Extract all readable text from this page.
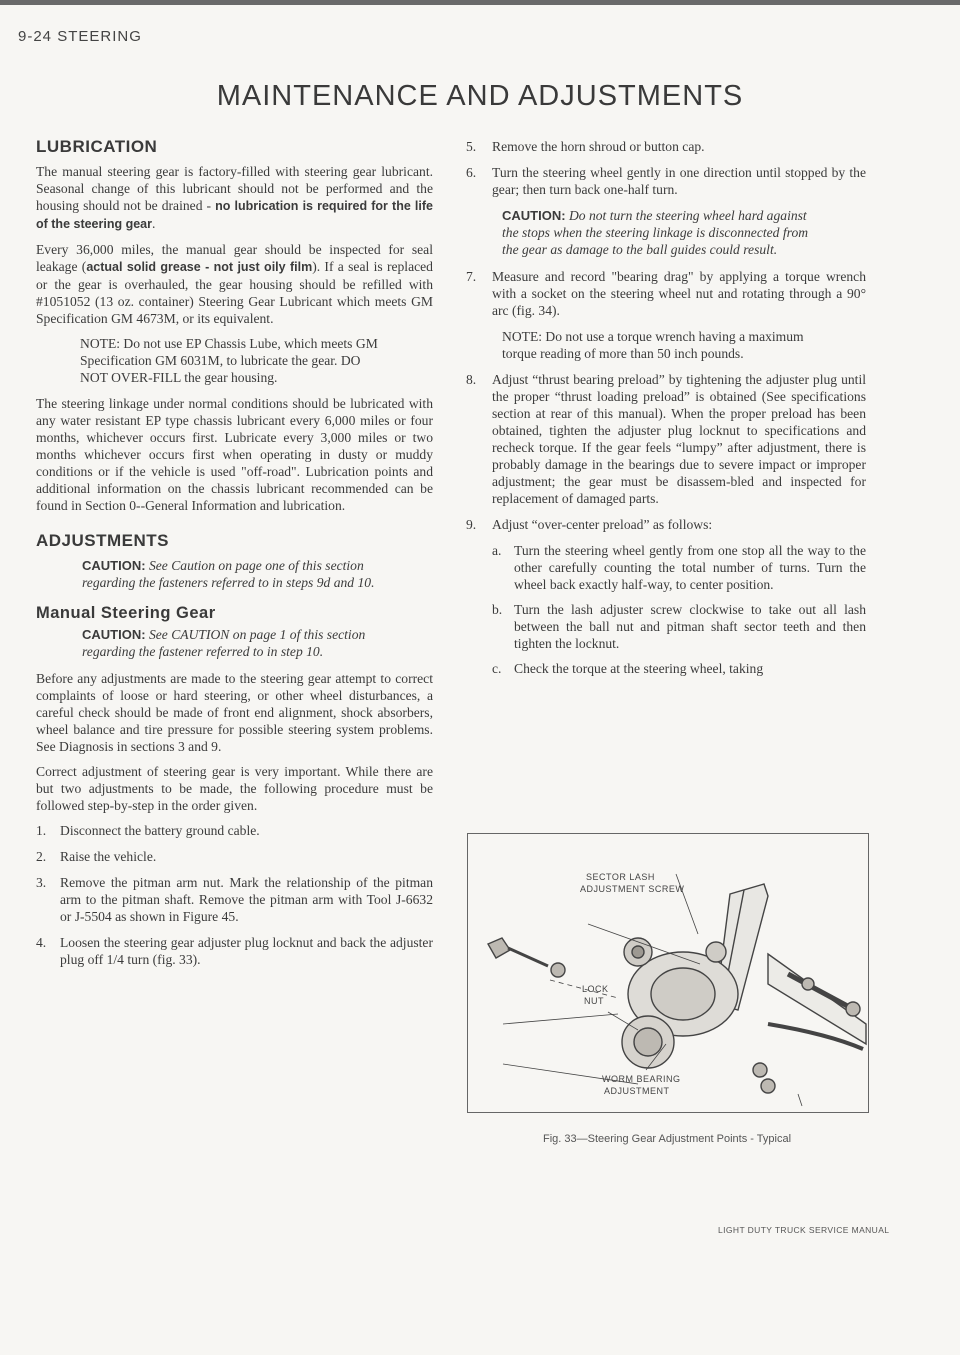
9-24 STEERING
MAINTENANCE AND ADJUSTMENTS
LUBRICATION

The manual steering gear is factory-filled with steering gear lubricant. Seasonal change of this lubricant should not be performed and the housing should not be drained - no lubrication is required for the life of the steering gear.

Every 36,000 miles, the manual gear should be inspected for seal leakage (actual solid grease - not just oily film). If a seal is replaced or the gear is overhauled, the gear housing should be refilled with #1051052 (13 oz. container) Steering Gear Lubricant which meets GM Specification GM 4673M, or its equivalent.

NOTE: Do not use EP Chassis Lube, which meets GM Specification GM 6031M, to lubricate the gear. DO NOT OVER-FILL the gear housing.

The steering linkage under normal conditions should be lubricated with any water resistant EP type chassis lubricant every 6,000 miles or four months, whichever occurs first. Lubricate every 3,000 miles or two months whichever occurs first when operating in dusty or muddy conditions or if the vehicle is used "off-road". Lubrication points and additional information on the chassis lubricant recommended can be found in Section 0--General Information and lubrication.

ADJUSTMENTS

CAUTION: See Caution on page one of this section regarding the fasteners referred to in steps 9d and 10.

Manual Steering Gear

CAUTION: See CAUTION on page 1 of this section regarding the fastener referred to in step 10.

Before any adjustments are made to the steering gear attempt to correct complaints of loose or hard steering, or other wheel disturbances, a careful check should be made of front end alignment, shock absorbers, wheel balance and tire pressure for possible steering system problems. See Diagnosis in sections 3 and 9.

Correct adjustment of steering gear is very important. While there are but two adjustments to be made, the following procedure must be followed step-by-step in the order given.

1.	Disconnect the battery ground cable.
2.	Raise the vehicle.
3.	Remove the pitman arm nut. Mark the relationship of the pitman arm to the pitman shaft. Remove the pitman arm with Tool J-6632 or J-5504 as shown in Figure 45.
4.	Loosen the steering gear adjuster plug locknut and back the adjuster plug off 1/4 turn (fig. 33).
5.	Remove the horn shroud or button cap.
6.	Turn the steering wheel gently in one direction until stopped by the gear; then turn back one-half turn.

CAUTION: Do not turn the steering wheel hard against the stops when the steering linkage is disconnected from the gear as damage to the ball guides could result.

7.	Measure and record "bearing drag" by applying a torque wrench with a socket on the steering wheel nut and rotating through a 90° arc (fig. 34).

NOTE: Do not use a torque wrench having a maximum torque reading of more than 50 inch pounds.

8.	Adjust “thrust bearing preload” by tightening the adjuster plug until the proper “thrust loading preload” is obtained (See specifications section at rear of this manual). When the proper preload has been obtained, tighten the adjuster plug locknut to specifications and recheck torque. If the gear feels “lumpy” after adjustment, there is probably damage in the bearings due to severe impact or improper adjustment; the gear must be disassem-bled and inspected for replacement of damaged parts.
9.	Adjust “over-center preload” as follows:
a. Turn the steering wheel gently from one stop all the way to the other carefully counting the total number of turns. Turn the wheel back exactly half-way, to center position.
b. Turn the lash adjuster screw clockwise to take out all lash between the ball nut and pitman shaft sector teeth and then tighten the locknut.
c. Check the torque at the steering wheel, taking
SECTOR LASH
ADJUSTMENT SCREW
LOCK
NUT
WORM BEARING
ADJUSTMENT
Fig. 33—Steering Gear Adjustment Points - Typical
LIGHT DUTY TRUCK SERVICE MANUAL
